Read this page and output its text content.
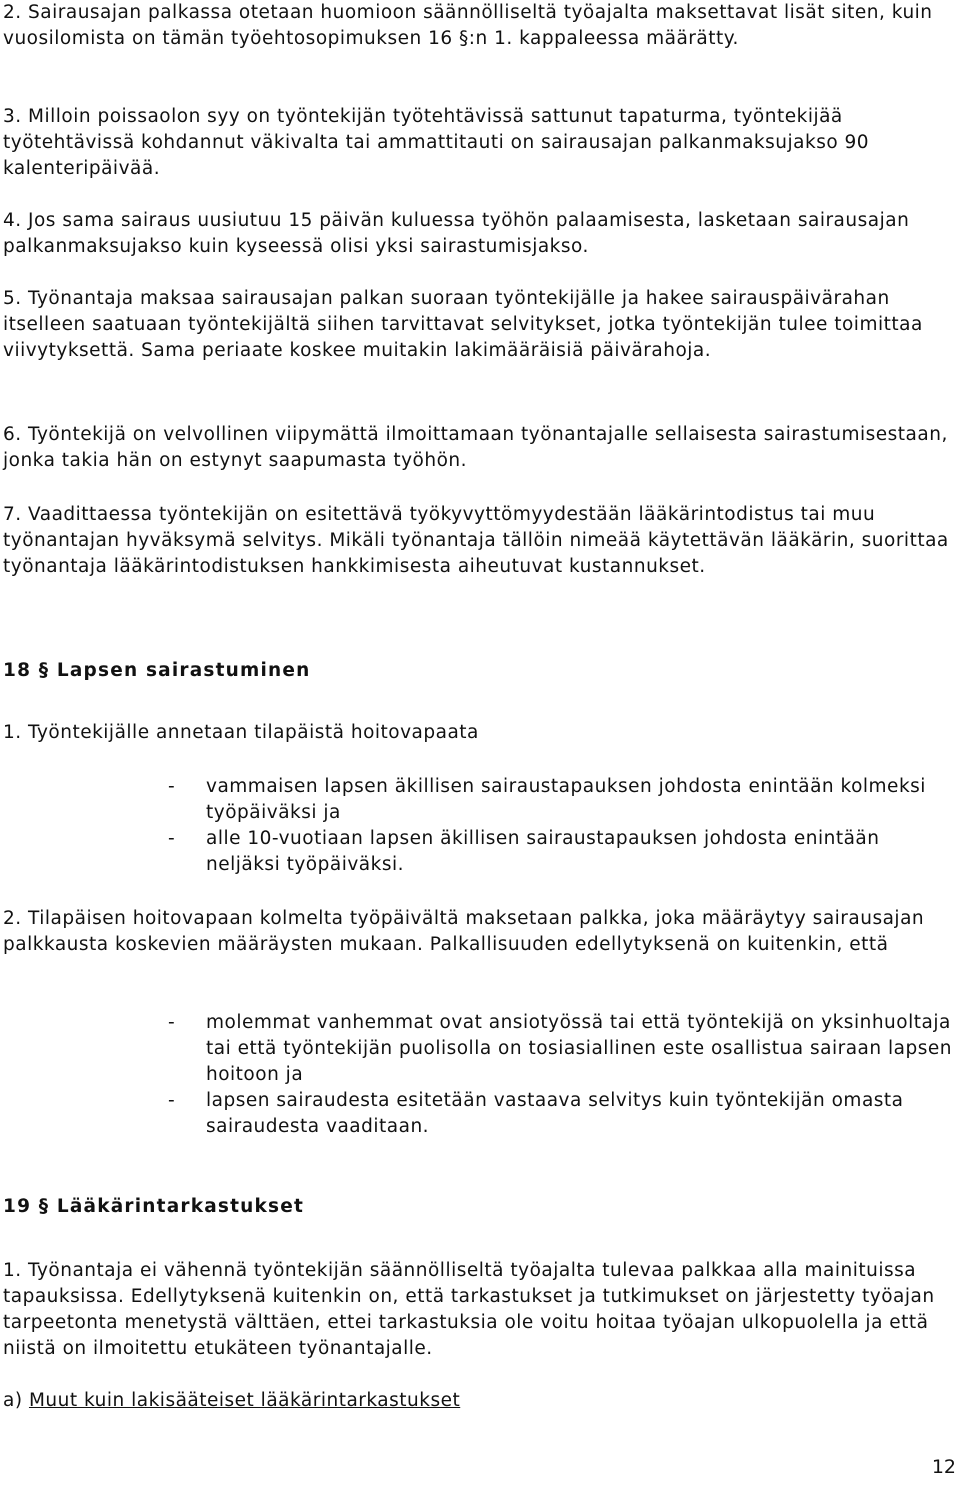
2. Sairausajan palkassa otetaan huomioon säännölliseltä työajalta maksettavat lisät siten, kuin vuosilomista on tämän työehtosopimuksen 16 §:n 1. kappaleessa määrätty.

3. Milloin poissaolon syy on työntekijän työtehtävissä sattunut tapaturma, työntekijää työtehtävissä kohdannut väkivalta tai ammattitauti on sairausajan palkanmaksujakso 90 kalenteripäivää.

4. Jos sama sairaus uusiutuu 15 päivän kuluessa työhön palaamisesta, lasketaan sairausajan palkanmaksujakso kuin kyseessä olisi yksi sairastumisjakso.

5. Työnantaja maksaa sairausajan palkan suoraan työntekijälle ja hakee sairauspäivärahan itselleen saatuaan työntekijältä siihen tarvittavat selvitykset, jotka työntekijän tulee toimittaa viivytyksettä. Sama periaate koskee muitakin lakimääräisiä päivärahoja.

6. Työntekijä on velvollinen viipymättä ilmoittamaan työnantajalle sellaisesta sairastumisestaan, jonka takia hän on estynyt saapumasta työhön.

7. Vaadittaessa työntekijän on esitettävä työkyvyttömyydestään lääkärintodistus tai muu työnantajan hyväksymä selvitys. Mikäli työnantaja tällöin nimeää käytettävän lääkärin, suorittaa työnantaja lääkärintodistuksen hankkimisesta aiheutuvat kustannukset.

18 § Lapsen sairastuminen

1. Työntekijälle annetaan tilapäistä hoitovapaata

- vammaisen lapsen äkillisen sairaustapauksen johdosta enintään kolmeksi työpäiväksi ja
- alle 10-vuotiaan lapsen äkillisen sairaustapauksen johdosta enintään neljäksi työpäiväksi.

2. Tilapäisen hoitovapaan kolmelta työpäivältä maksetaan palkka, joka määräytyy sairausajan palkkausta koskevien määräysten mukaan. Palkallisuuden edellytyksenä on kuitenkin, että

- molemmat vanhemmat ovat ansiotyössä tai että työntekijä on yksinhuoltaja tai että työntekijän puolisolla on tosiasiallinen este osallistua sairaan lapsen hoitoon ja
- lapsen sairaudesta esitetään vastaava selvitys kuin työntekijän omasta sairaudesta vaaditaan.
19 § Lääkärintarkastukset

1. Työnantaja ei vähennä työntekijän säännölliseltä työajalta tulevaa palkkaa alla mainituissa tapauksissa. Edellytyksenä kuitenkin on, että tarkastukset ja tutkimukset on järjestetty työajan tarpeetonta menetystä välttäen, ettei tarkastuksia ole voitu hoitaa työajan ulkopuolella ja että niistä on ilmoitettu etukäteen työnantajalle.

a) Muut kuin lakisääteiset lääkärintarkastukset

12
